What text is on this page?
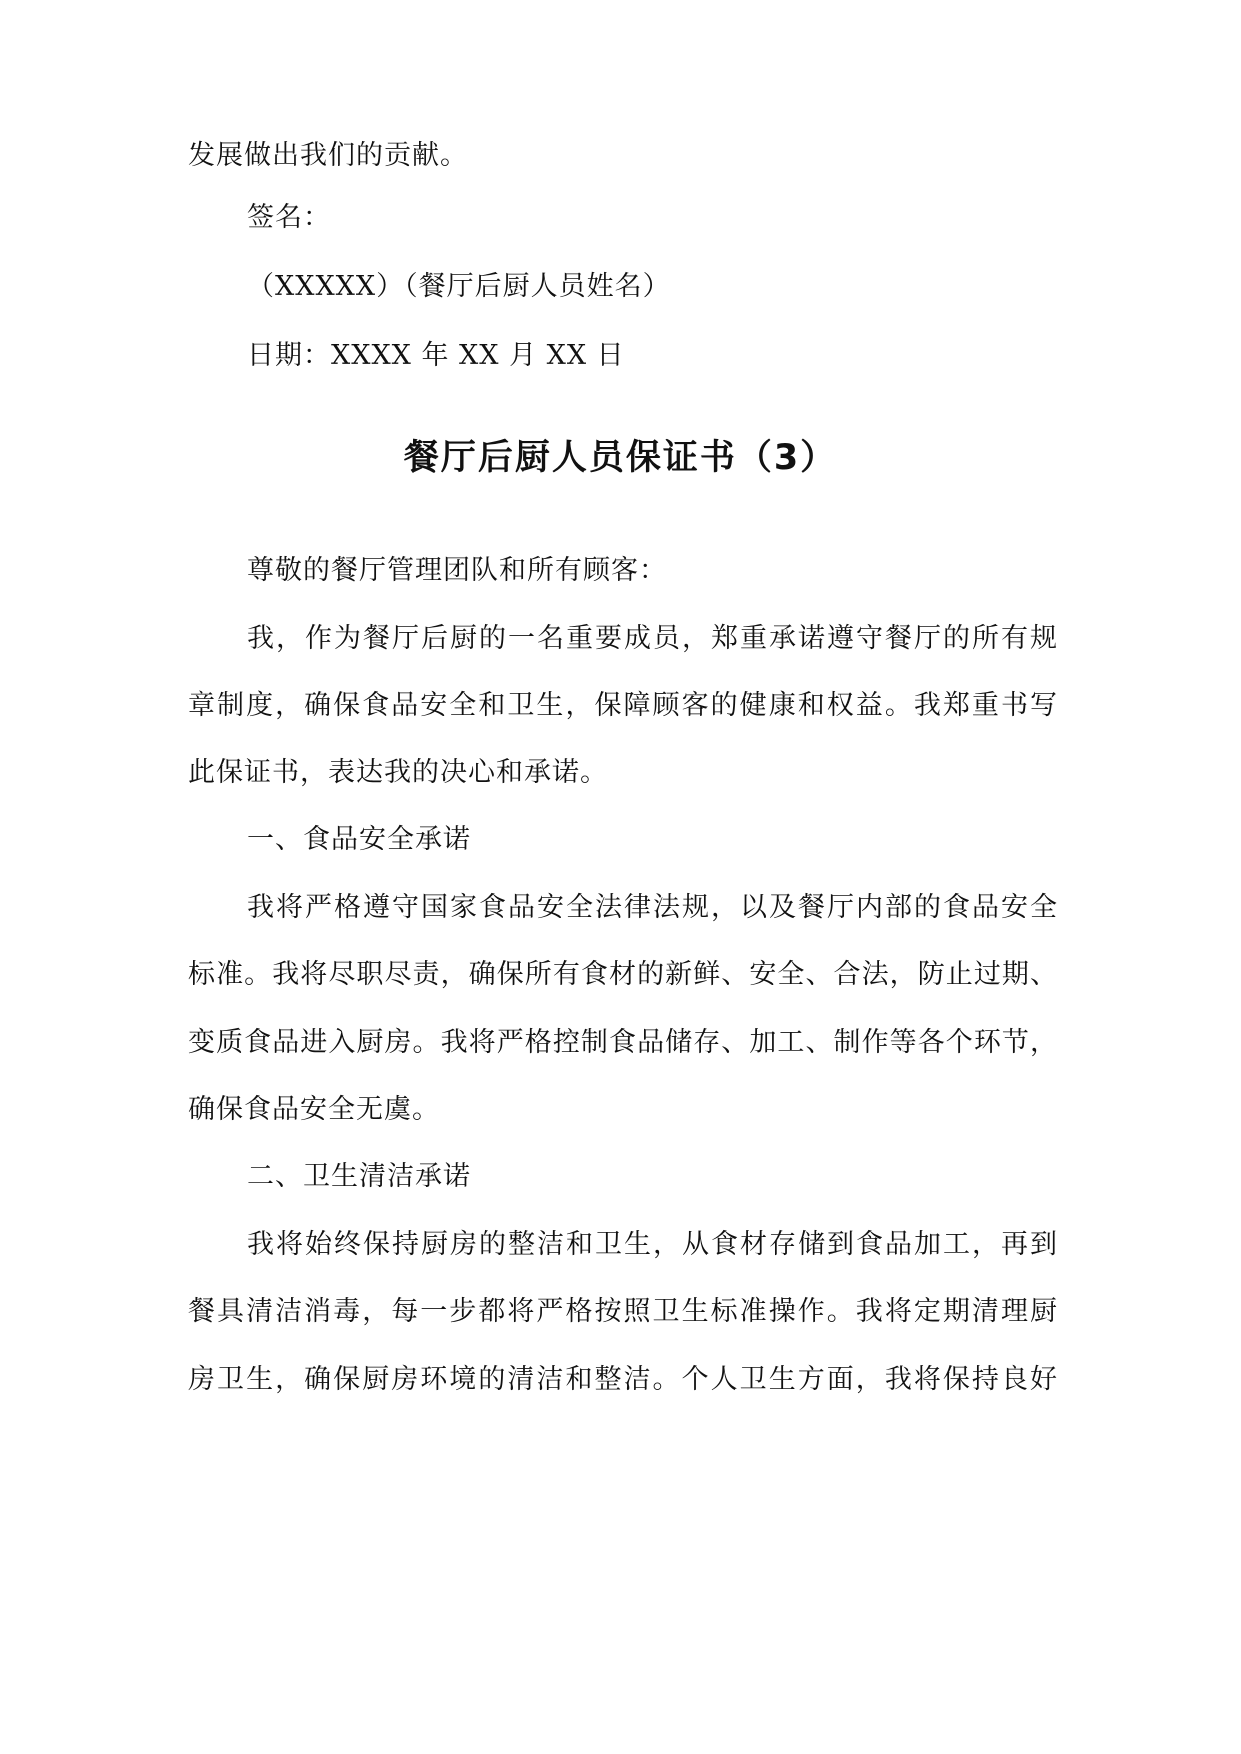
发展做出我们的贡献。
签名：
（XXXXX）（餐厅后厨人员姓名）
日期：XXXX 年 XX 月 XX 日
餐厅后厨人员保证书（3）
尊敬的餐厅管理团队和所有顾客：
我，作为餐厅后厨的一名重要成员，郑重承诺遵守餐厅的所有规
章制度，确保食品安全和卫生，保障顾客的健康和权益。我郑重书写
此保证书，表达我的决心和承诺。
一、食品安全承诺
我将严格遵守国家食品安全法律法规，以及餐厅内部的食品安全
标准。我将尽职尽责，确保所有食材的新鲜、安全、合法，防止过期、
变质食品进入厨房。我将严格控制食品储存、加工、制作等各个环节，
确保食品安全无虞。
二、卫生清洁承诺
我将始终保持厨房的整洁和卫生，从食材存储到食品加工，再到
餐具清洁消毒，每一步都将严格按照卫生标准操作。我将定期清理厨
房卫生，确保厨房环境的清洁和整洁。个人卫生方面，我将保持良好
